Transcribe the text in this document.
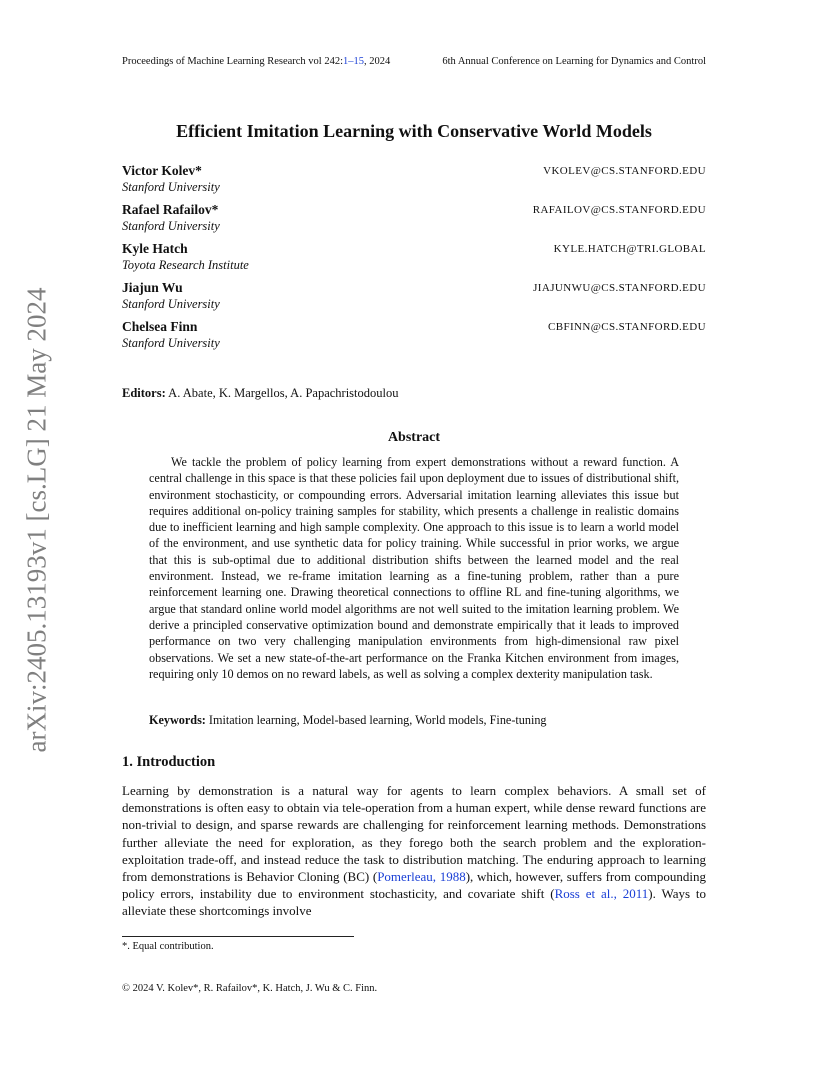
Proceedings of Machine Learning Research vol 242:1–15, 2024	6th Annual Conference on Learning for Dynamics and Control
arXiv:2405.13193v1 [cs.LG] 21 May 2024
Efficient Imitation Learning with Conservative World Models
Victor Kolev*
Stanford University
VKOLEV@CS.STANFORD.EDU
Rafael Rafailov*
Stanford University
RAFAILOV@CS.STANFORD.EDU
Kyle Hatch
Toyota Research Institute
KYLE.HATCH@TRI.GLOBAL
Jiajun Wu
Stanford University
JIAJUNWU@CS.STANFORD.EDU
Chelsea Finn
Stanford University
CBFINN@CS.STANFORD.EDU
Editors: A. Abate, K. Margellos, A. Papachristodoulou
Abstract

We tackle the problem of policy learning from expert demonstrations without a reward function. A central challenge in this space is that these policies fail upon deployment due to issues of distributional shift, environment stochasticity, or compounding errors. Adversarial imitation learning alleviates this issue but requires additional on-policy training samples for stability, which presents a challenge in realistic domains due to inefficient learning and high sample complexity. One approach to this issue is to learn a world model of the environment, and use synthetic data for policy training. While successful in prior works, we argue that this is sub-optimal due to additional distribution shifts between the learned model and the real environment. Instead, we re-frame imitation learning as a fine-tuning problem, rather than a pure reinforcement learning one. Drawing theoretical connections to offline RL and fine-tuning algorithms, we argue that standard online world model algorithms are not well suited to the imitation learning problem. We derive a principled conservative optimization bound and demonstrate empirically that it leads to improved performance on two very challenging manipulation environments from high-dimensional raw pixel observations. We set a new state-of-the-art performance on the Franka Kitchen environment from images, requiring only 10 demos on no reward labels, as well as solving a complex dexterity manipulation task.

Keywords: Imitation learning, Model-based learning, World models, Fine-tuning
1. Introduction

Learning by demonstration is a natural way for agents to learn complex behaviors. A small set of demonstrations is often easy to obtain via tele-operation from a human expert, while dense reward functions are non-trivial to design, and sparse rewards are challenging for reinforcement learning methods. Demonstrations further alleviate the need for exploration, as they forego both the search problem and the exploration-exploitation trade-off, and instead reduce the task to distribution matching. The enduring approach to learning from demonstrations is Behavior Cloning (BC) (Pomerleau, 1988), which, however, suffers from compounding policy errors, instability due to environment stochasticity, and covariate shift (Ross et al., 2011). Ways to alleviate these shortcomings involve

*. Equal contribution.
© 2024 V. Kolev*, R. Rafailov*, K. Hatch, J. Wu & C. Finn.
